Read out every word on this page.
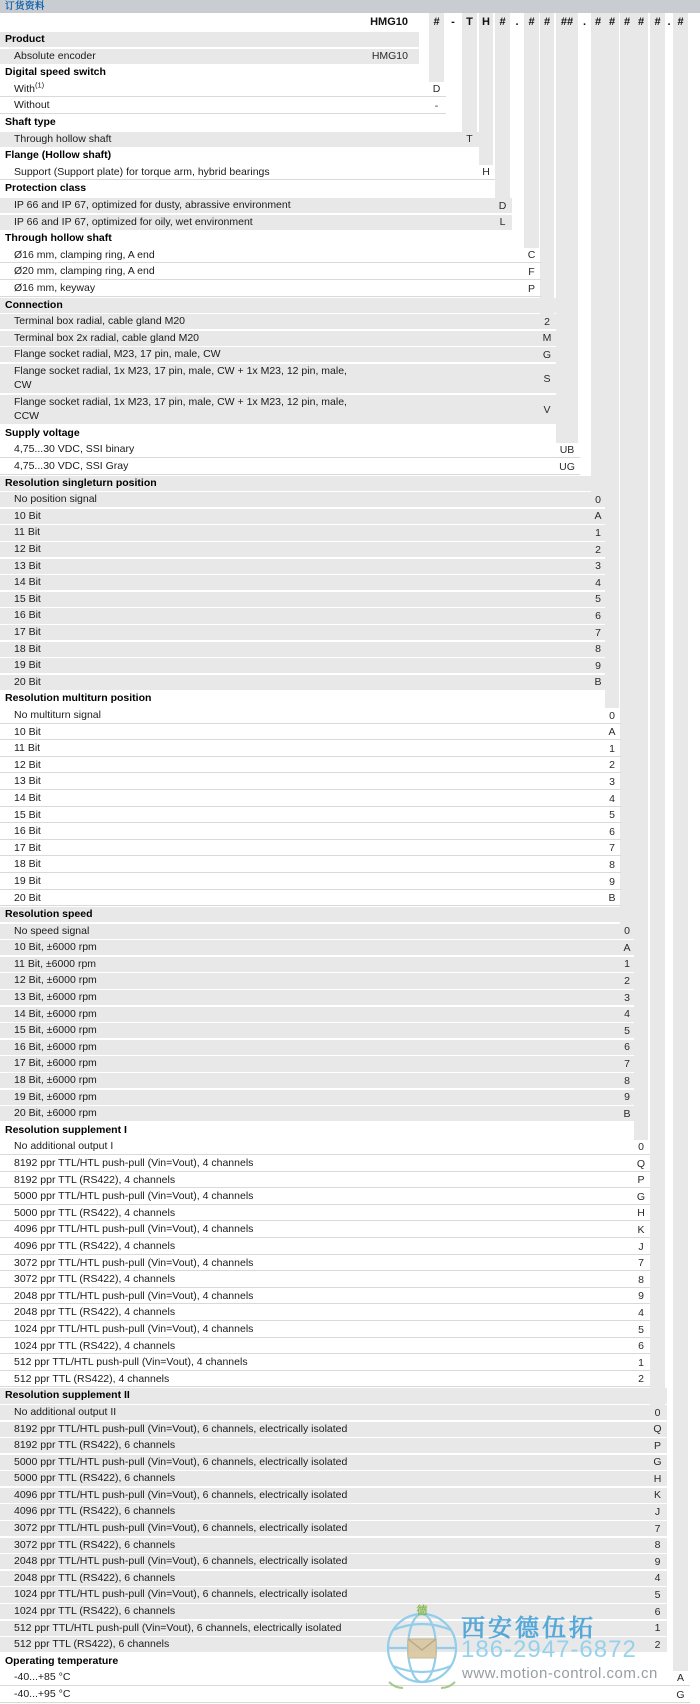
订货资料
HMG10	#	-	T H # . # # ## . # # # # # . #
Product
Absolute encoder	HMG10
Digital speed switch
With$^{(1)}$	D
Without	-
Shaft type
Through hollow shaft	T
Flange (Hollow shaft)
Support (Support plate) for torque arm, hybrid bearings	H
Protection class
IP 66 and IP 67, optimized for dusty, abrassive environment	D
IP 66 and IP 67, optimized for oily, wet environment	L
Through hollow shaft
Ø16 mm, clamping ring, A end	C
Ø20 mm, clamping ring, A end	F
Ø16 mm, keyway	P
Connection
Terminal box radial, cable gland M20	2
Terminal box 2x radial, cable gland M20	M
Flange socket radial, M23, 17 pin, male, CW	G
Flange socket radial, 1x M23, 17 pin, male, CW + 1x M23, 12 pin, male,
CW	S
Flange socket radial, 1x M23, 17 pin, male, CW + 1x M23, 12 pin, male,
CCW	V
Supply voltage
4,75...30 VDC, SSI binary	UB
4,75...30 VDC, SSI Gray	UG
Resolution singleturn position
No position signal	0
10 Bit	A
11 Bit	1
12 Bit	2
13 Bit	3
14 Bit	4
15 Bit	5
16 Bit	6
17 Bit	7
18 Bit	8
19 Bit	9
20 Bit	B
Resolution multiturn position
No multiturn signal	0
10 Bit	A
11 Bit	1
12 Bit	2
13 Bit	3
14 Bit	4
15 Bit	5
16 Bit	6
17 Bit	7
18 Bit	8
19 Bit	9
20 Bit	B
Resolution speed
No speed signal	0
10 Bit, ±6000 rpm	A
11 Bit, ±6000 rpm	1
12 Bit, ±6000 rpm	2
13 Bit, ±6000 rpm	3
14 Bit, ±6000 rpm	4
15 Bit, ±6000 rpm	5
16 Bit, ±6000 rpm	6
17 Bit, ±6000 rpm	7
18 Bit, ±6000 rpm	8
19 Bit, ±6000 rpm	9
20 Bit, ±6000 rpm	B
Resolution supplement I
No additional output I	0
8192 ppr TTL/HTL push-pull (Vin=Vout), 4 channels	Q
8192 ppr TTL (RS422), 4 channels	P
5000 ppr TTL/HTL push-pull (Vin=Vout), 4 channels	G
5000 ppr TTL (RS422), 4 channels	H
4096 ppr TTL/HTL push-pull (Vin=Vout), 4 channels	K
4096 ppr TTL (RS422), 4 channels	J
3072 ppr TTL/HTL push-pull (Vin=Vout), 4 channels	7
3072 ppr TTL (RS422), 4 channels	8
2048 ppr TTL/HTL push-pull (Vin=Vout), 4 channels	9
2048 ppr TTL (RS422), 4 channels	4
1024 ppr TTL/HTL push-pull (Vin=Vout), 4 channels	5
1024 ppr TTL (RS422), 4 channels	6
512 ppr TTL/HTL push-pull (Vin=Vout), 4 channels	1
512 ppr TTL (RS422), 4 channels	2
Resolution supplement II
No additional output II	0
8192 ppr TTL/HTL push-pull (Vin=Vout), 6 channels, electrically isolated	Q
8192 ppr TTL (RS422), 6 channels	P
5000 ppr TTL/HTL push-pull (Vin=Vout), 6 channels, electrically isolated	G
5000 ppr TTL (RS422), 6 channels	H
4096 ppr TTL/HTL push-pull (Vin=Vout), 6 channels, electrically isolated	K
4096 ppr TTL (RS422), 6 channels	J
3072 ppr TTL/HTL push-pull (Vin=Vout), 6 channels, electrically isolated	7
3072 ppr TTL (RS422), 6 channels	8
2048 ppr TTL/HTL push-pull (Vin=Vout), 6 channels, electrically isolated	9
2048 ppr TTL (RS422), 6 channels	4
1024 ppr TTL/HTL push-pull (Vin=Vout), 6 channels, electrically isolated	5
1024 ppr TTL (RS422), 6 channels	6
512 ppr TTL/HTL push-pull (Vin=Vout), 6 channels, electrically isolated	1
512 ppr TTL (RS422), 6 channels	2
Operating temperature
-40...+85 °C	A
-40...+95 °C	G
德
西安德伍拓
186-2947-6872
www.motion-control.com.cn
